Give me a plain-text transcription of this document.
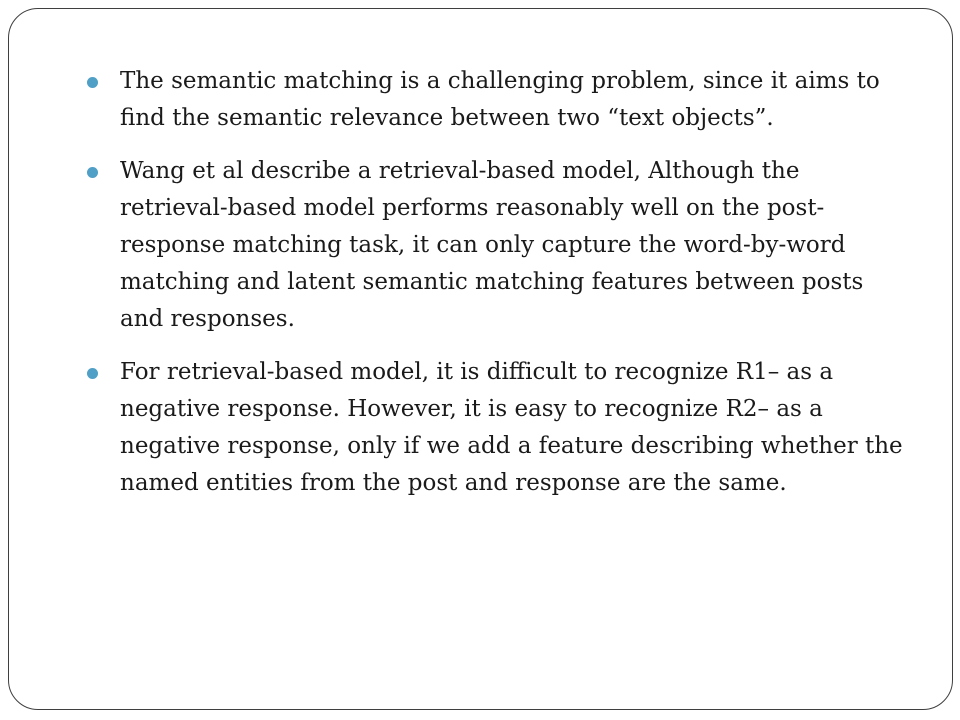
The semantic matching is a challenging problem, since it aims to find the semantic relevance between two “text objects”.
Wang et al describe a retrieval-based model, Although the retrieval-based model performs reasonably well on the post-response matching task, it can only capture the word-by-word matching and latent semantic matching features between posts and responses.
For retrieval-based model, it is difficult to recognize R1– as a negative response. However, it is easy to recognize R2– as a negative response, only if we add a feature describing whether the named entities from the post and response are the same.
